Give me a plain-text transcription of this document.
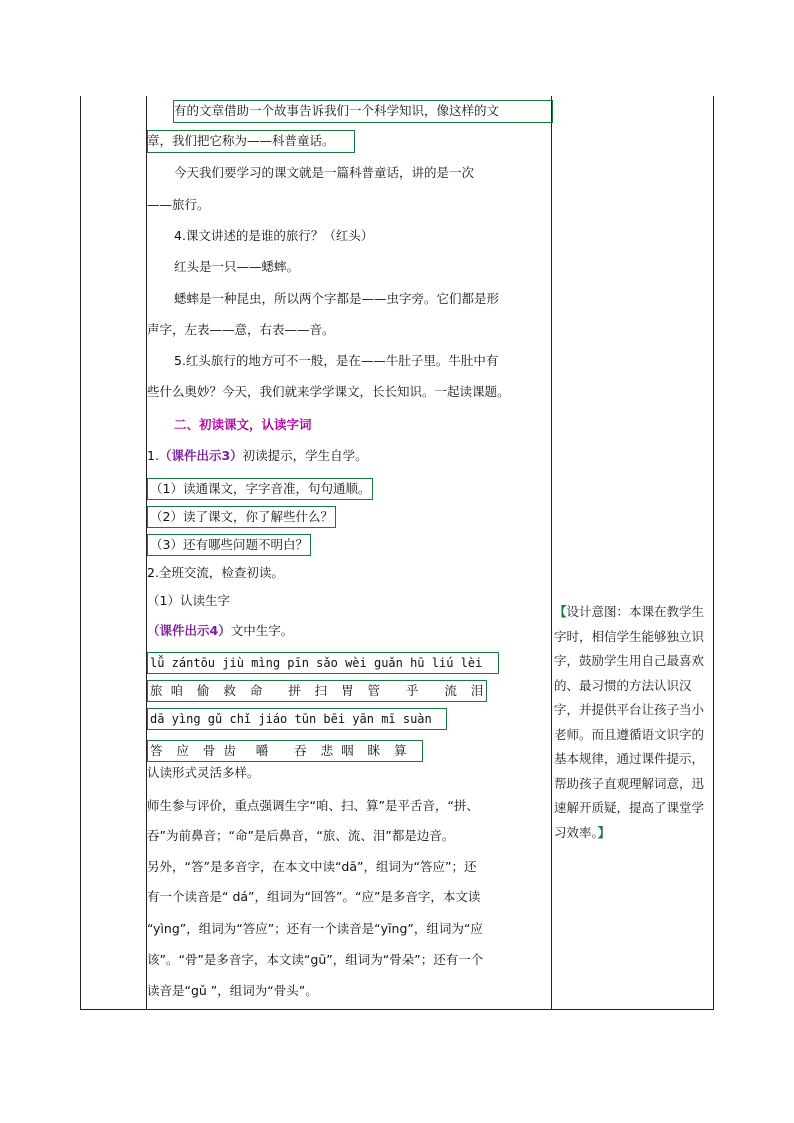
有的文章借助一个故事告诉我们一个科学知识，像这样的文
章，我们把它称为——科普童话。
今天我们要学习的课文就是一篇科普童话，讲的是一次
——旅行。
4.课文讲述的是谁的旅行？（红头）
红头是一只——蟋蟀。
蟋蟀是一种昆虫，所以两个字都是——虫字旁。它们都是形
声字，左表——意，右表——音。
5.红头旅行的地方可不一般，是在——牛肚子里。牛肚中有
些什么奥妙？今天，我们就来学学课文，长长知识。一起读课题。
二、初读课文，认读字词
1.（课件出示3）初读提示，学生自学。
（1）读通课文，字字音准，句句通顺。
（2）读了课文，你了解些什么？
（3）还有哪些问题不明白？
2.全班交流，检查初读。
（1）认读生字
（课件出示4）文中生字。
lǚ zántōu jiù mìng pīn sǎo wèi guǎn hū liú lèi
旅 咱  偷  救  命    拼  扫  胃  管    乎    流  泪
dā yìng gǔ chǐ jiáo tūn bēi yān mī suàn
答  应  骨 齿   嚼    吞  悲 咽  眯  算
认读形式灵活多样。
师生参与评价，重点强调生字“咱、扫、算”是平舌音，“拼、
吞”为前鼻音；“命”是后鼻音，“旅、流、泪”都是边音。
另外，“答”是多音字，在本文中读“dā”，组词为“答应”；还
有一个读音是“ dá”，组词为“回答”。“应”是多音字，本文读
“yìng”，组词为“答应”；还有一个读音是“yīng”，组词为“应
该”。“骨”是多音字，本文读“gū”，组词为“骨朵”；还有一个
读音是“gǔ ”，组词为“骨头”。
【设计意图：本课在教学生字时，相信学生能够独立识字，鼓励学生用自己最喜欢的、最习惯的方法认识汉字，并提供平台让孩子当小老师。而且遵循语文识字的基本规律，通过课件提示，帮助孩子直观理解词意，迅速解开质疑，提高了课堂学习效率。】
